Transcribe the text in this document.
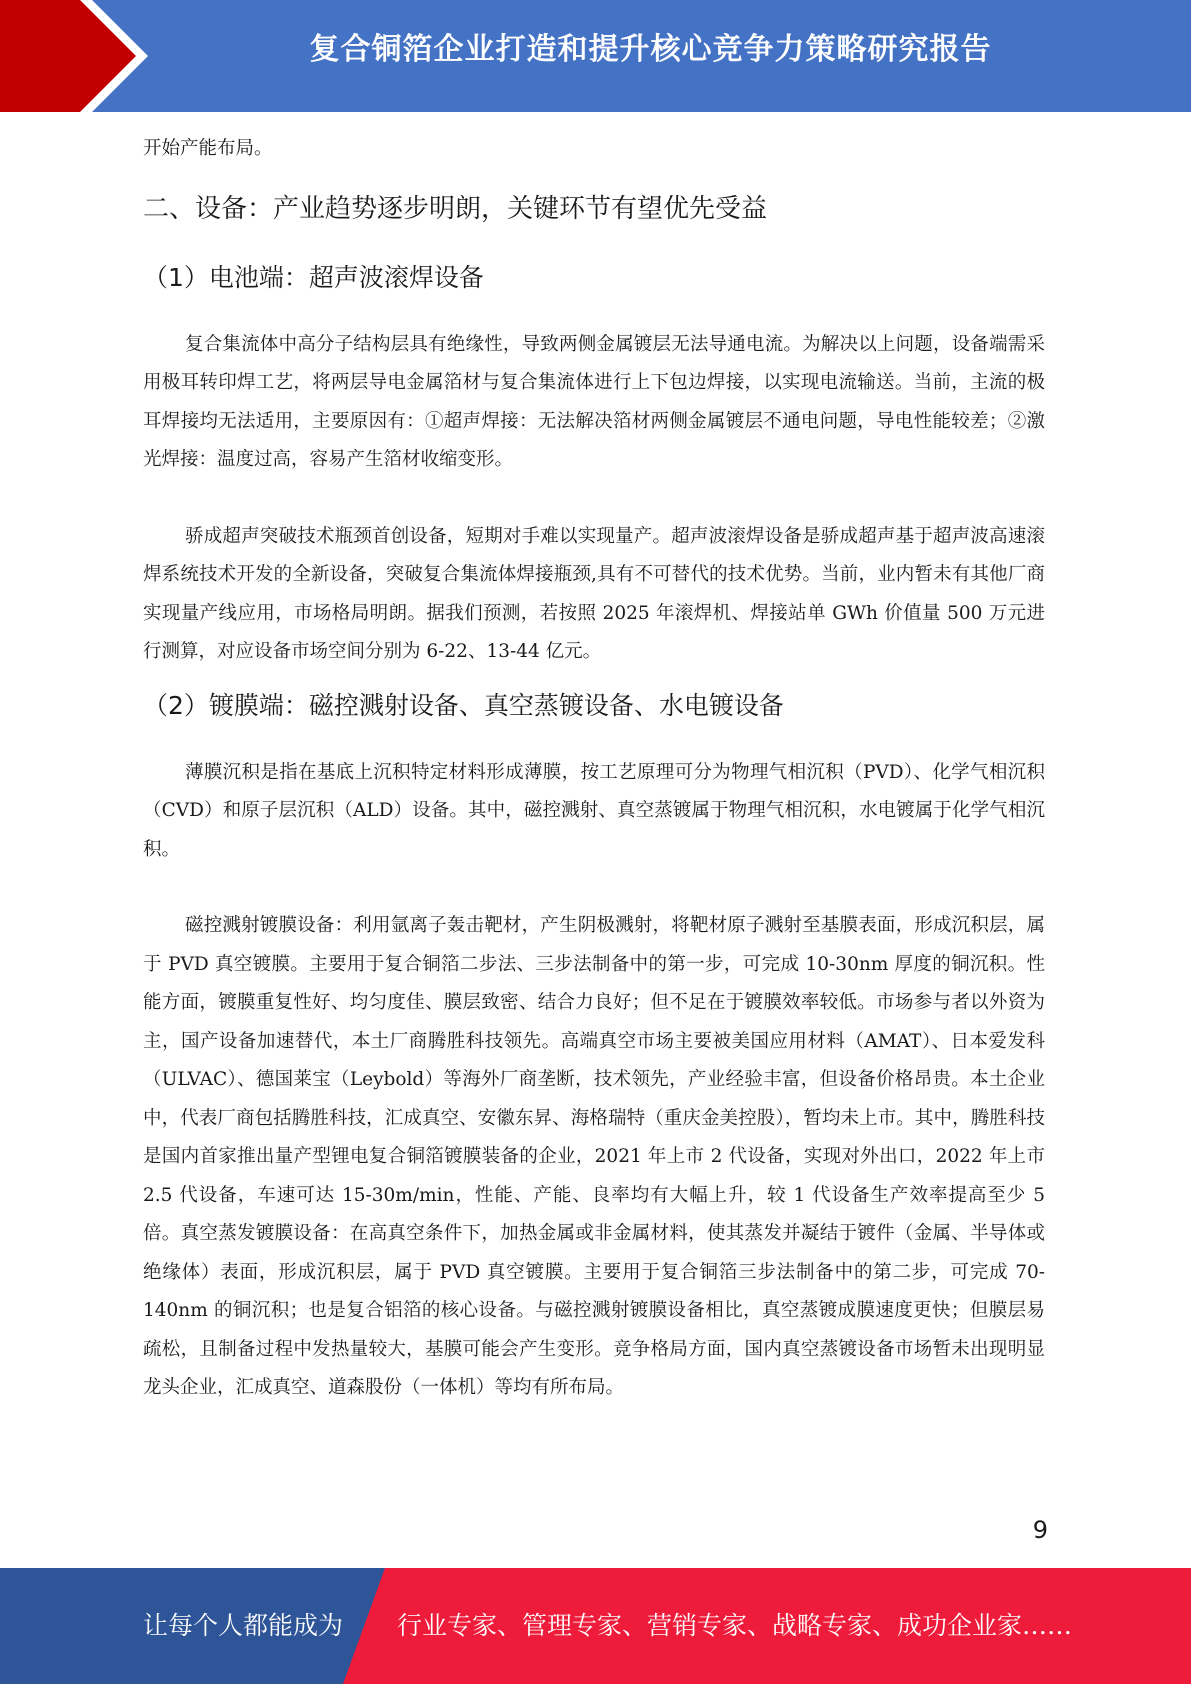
复合铜箔企业打造和提升核心竞争力策略研究报告

开始产能布局。

二、设备：产业趋势逐步明朗，关键环节有望优先受益
（1）电池端：超声波滚焊设备

复合集流体中高分子结构层具有绝缘性，导致两侧金属镀层无法导通电流。为解决以上问题，设备端需采用极耳转印焊工艺，将两层导电金属箔材与复合集流体进行上下包边焊接，以实现电流输送。当前，主流的极耳焊接均无法适用，主要原因有：①超声焊接：无法解决箔材两侧金属镀层不通电问题，导电性能较差；②激光焊接：温度过高，容易产生箔材收缩变形。

骄成超声突破技术瓶颈首创设备，短期对手难以实现量产。超声波滚焊设备是骄成超声基于超声波高速滚焊系统技术开发的全新设备，突破复合集流体焊接瓶颈,具有不可替代的技术优势。当前，业内暂未有其他厂商实现量产线应用，市场格局明朗。据我们预测，若按照 2025 年滚焊机、焊接站单 GWh 价值量 500 万元进行测算，对应设备市场空间分别为 6-22、13-44 亿元。

（2）镀膜端：磁控溅射设备、真空蒸镀设备、水电镀设备

薄膜沉积是指在基底上沉积特定材料形成薄膜，按工艺原理可分为物理气相沉积（PVD）、化学气相沉积（CVD）和原子层沉积（ALD）设备。其中，磁控溅射、真空蒸镀属于物理气相沉积，水电镀属于化学气相沉积。

磁控溅射镀膜设备：利用氩离子轰击靶材，产生阴极溅射，将靶材原子溅射至基膜表面，形成沉积层，属于 PVD 真空镀膜。主要用于复合铜箔二步法、三步法制备中的第一步，可完成 10-30nm 厚度的铜沉积。性能方面，镀膜重复性好、均匀度佳、膜层致密、结合力良好；但不足在于镀膜效率较低。市场参与者以外资为主，国产设备加速替代，本土厂商腾胜科技领先。高端真空市场主要被美国应用材料（AMAT）、日本爱发科（ULVAC）、德国莱宝（Leybold）等海外厂商垄断，技术领先，产业经验丰富，但设备价格昂贵。本土企业中，代表厂商包括腾胜科技，汇成真空、安徽东昇、海格瑞特（重庆金美控股），暂均未上市。其中，腾胜科技是国内首家推出量产型锂电复合铜箔镀膜装备的企业，2021 年上市 2 代设备，实现对外出口，2022 年上市 2.5 代设备，车速可达 15-30m/min，性能、产能、良率均有大幅上升，较 1 代设备生产效率提高至少 5 倍。真空蒸发镀膜设备：在高真空条件下，加热金属或非金属材料，使其蒸发并凝结于镀件（金属、半导体或绝缘体）表面，形成沉积层，属于 PVD 真空镀膜。主要用于复合铜箔三步法制备中的第二步，可完成 70-140nm 的铜沉积；也是复合铝箔的核心设备。与磁控溅射镀膜设备相比，真空蒸镀成膜速度更快；但膜层易疏松，且制备过程中发热量较大，基膜可能会产生变形。竞争格局方面，国内真空蒸镀设备市场暂未出现明显龙头企业，汇成真空、道森股份（一体机）等均有所布局。

9
让每个人都能成为 行业专家、管理专家、营销专家、战略专家、成功企业家……
